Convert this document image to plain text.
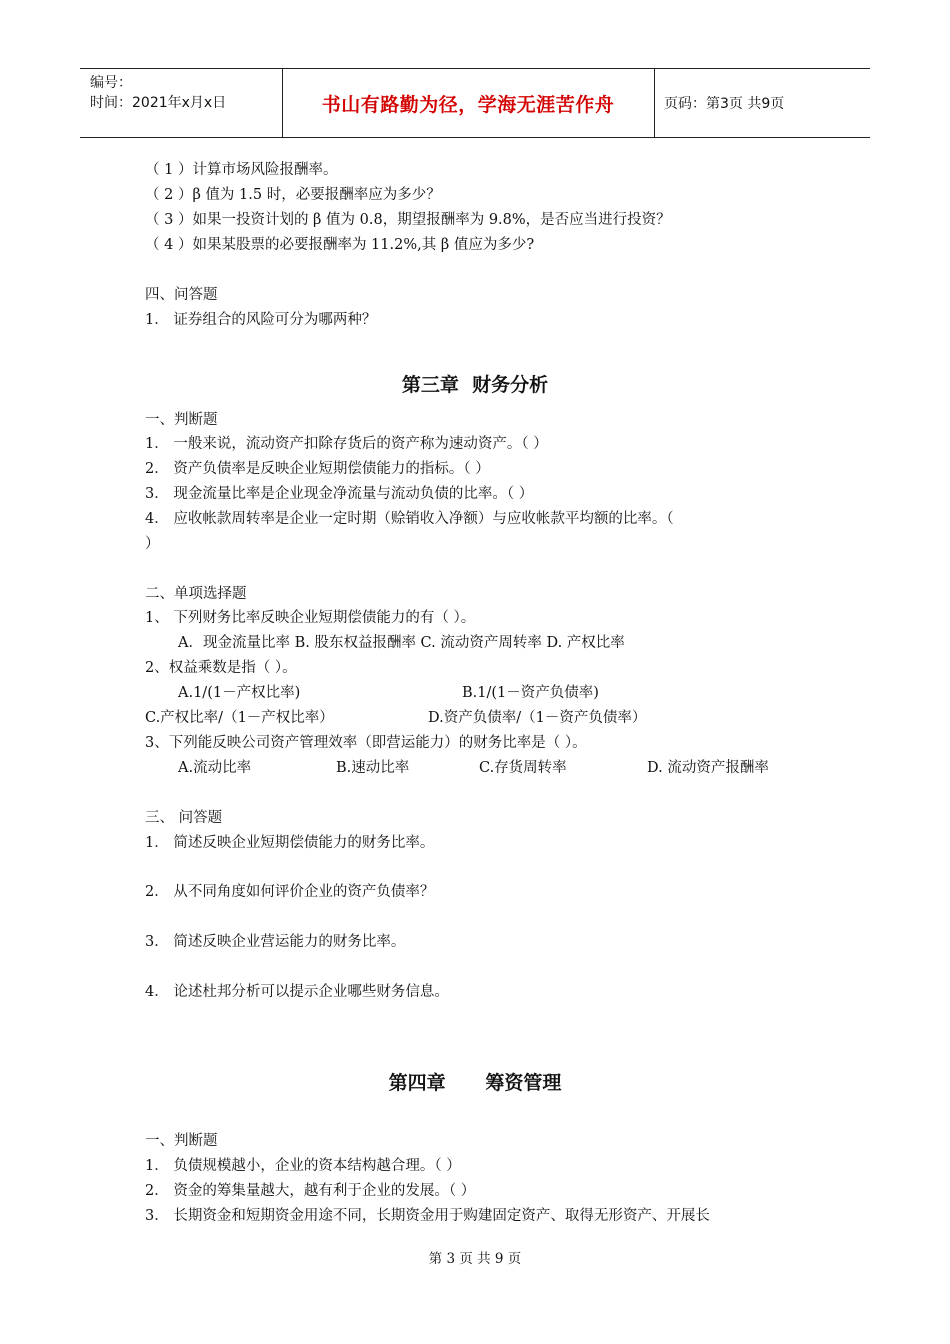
编号：
时间：2021年x月x日	书山有路勤为径，学海无涯苦作舟	页码：第3页 共9页
（ 1 ）计算市场风险报酬率。
（ 2 ）β 值为 1.5 时，必要报酬率应为多少？
（ 3 ）如果一投资计划的 β 值为 0.8，期望报酬率为 9.8%，是否应当进行投资？
（ 4 ）如果某股票的必要报酬率为 11.2%,其 β 值应为多少?
四、问答题
1． 证券组合的风险可分为哪两种？
第三章  财务分析
一、判断题
1． 一般来说，流动资产扣除存货后的资产称为速动资产。（ ）
2． 资产负债率是反映企业短期偿债能力的指标。（ ）
3． 现金流量比率是企业现金净流量与流动负债的比率。（ ）
4． 应收帐款周转率是企业一定时期（赊销收入净额）与应收帐款平均额的比率。（
）
二、单项选择题
1、 下列财务比率反映企业短期偿债能力的有（ ）。
A．现金流量比率 B. 股东权益报酬率 C. 流动资产周转率 D. 产权比率
2、权益乘数是指（ ）。
A.1/(1－产权比率)	B.1/(1－资产负债率)
C.产权比率/（1－产权比率）	D.资产负债率/（1－资产负债率）
3、下列能反映公司资产管理效率（即营运能力）的财务比率是（ ）。
A.流动比率	B.速动比率	C.存货周转率	D. 流动资产报酬率
三、 问答题
1． 简述反映企业短期偿债能力的财务比率。
2． 从不同角度如何评价企业的资产负债率？
3． 简述反映企业营运能力的财务比率。
4． 论述杜邦分析可以提示企业哪些财务信息。
第四章      筹资管理
一、判断题
1． 负债规模越小，企业的资本结构越合理。（ ）
2． 资金的筹集量越大，越有利于企业的发展。（ ）
3． 长期资金和短期资金用途不同，长期资金用于购建固定资产、取得无形资产、开展长
第 3 页 共 9 页
